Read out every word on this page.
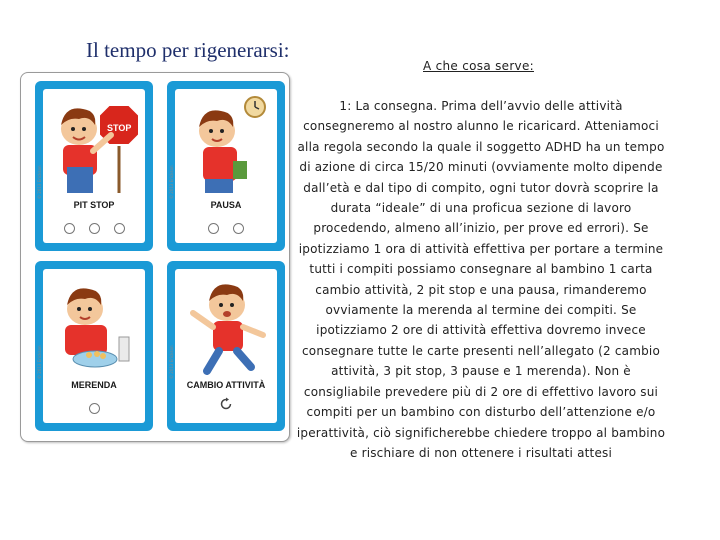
Il tempo per rigenerarsi:
A che cosa serve:
1: La consegna. Prima dell’avvio delle attività consegneremo al nostro alunno le ricaricard. Atteniamoci alla regola secondo la quale il soggetto ADHD ha un tempo di azione di circa 15/20 minuti (ovviamente molto dipende dall’età e dal tipo di compito, ogni tutor dovrà scoprire la durata “ideale” di una proficua sezione di lavoro procedendo, almeno all’inizio, per prove ed errori). Se ipotizziamo 1 ora di attività effettiva per portare a termine tutti i compiti possiamo consegnare al bambino 1 carta cambio attività, 2 pit stop e una pausa, rimanderemo ovviamente la merenda al termine dei compiti. Se ipotizziamo 2 ore di attività effettiva dovremo invece consegnare tutte le carte presenti nell’allegato (2 cambio attività, 3 pit stop, 3 pause e 1 merenda). Non è consigliabile prevedere più di 2 ore di effettivo lavoro sui compiti per un bambino con disturbo dell’attenzione e/o iperattività, ciò significherebbe chiedere troppo al bambino e rischiare di non ottenere i risultati attesi
STOP
© 2013 Erickson
PIT STOP
© 2013 Erickson
PAUSA
© 2013 Erickson
MERENDA
© 2013 Erickson
CAMBIO ATTIVITÀ
